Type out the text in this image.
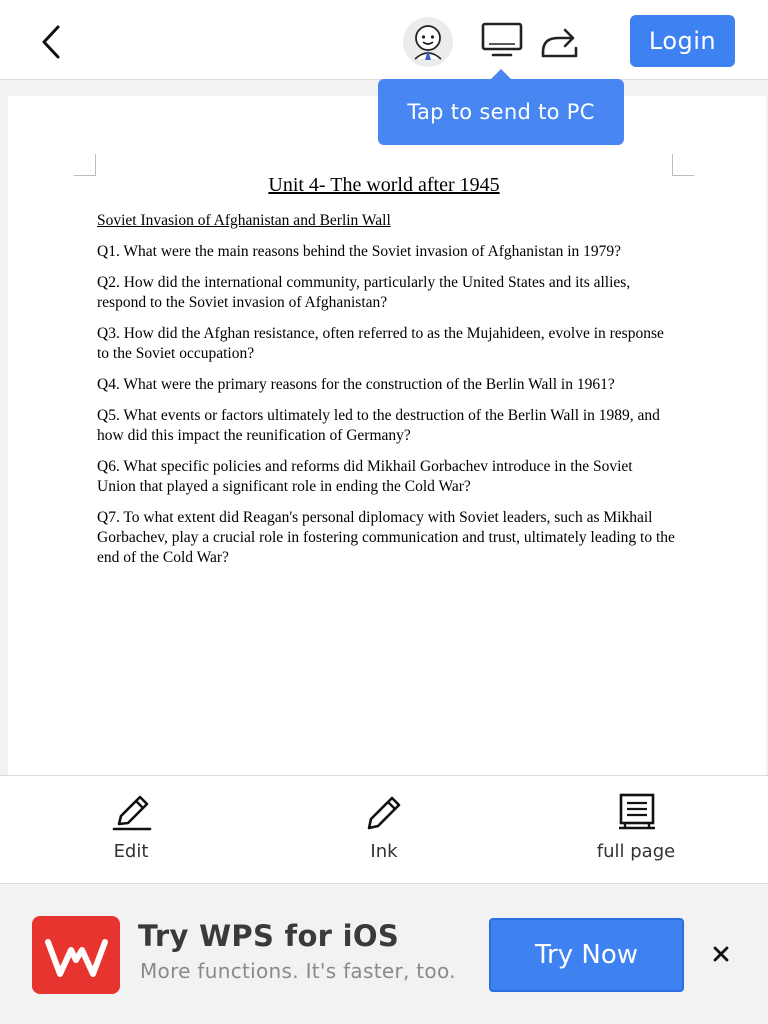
Login
Tap to send to PC
Unit 4- The world after 1945
Soviet Invasion of Afghanistan and Berlin Wall

Q1. What were the main reasons behind the Soviet invasion of Afghanistan in 1979?

Q2. How did the international community, particularly the United States and its allies, respond to the Soviet invasion of Afghanistan?

Q3. How did the Afghan resistance, often referred to as the Mujahideen, evolve in response to the Soviet occupation?

Q4. What were the primary reasons for the construction of the Berlin Wall in 1961?

Q5. What events or factors ultimately led to the destruction of the Berlin Wall in 1989, and how did this impact the reunification of Germany?

Q6. What specific policies and reforms did Mikhail Gorbachev introduce in the Soviet Union that played a significant role in ending the Cold War?

Q7. To what extent did Reagan's personal diplomacy with Soviet leaders, such as Mikhail Gorbachev, play a crucial role in fostering communication and trust, ultimately leading to the end of the Cold War?

Edit	Ink	full page
Try WPS for iOS
More functions. It's faster, too.
Try Now
